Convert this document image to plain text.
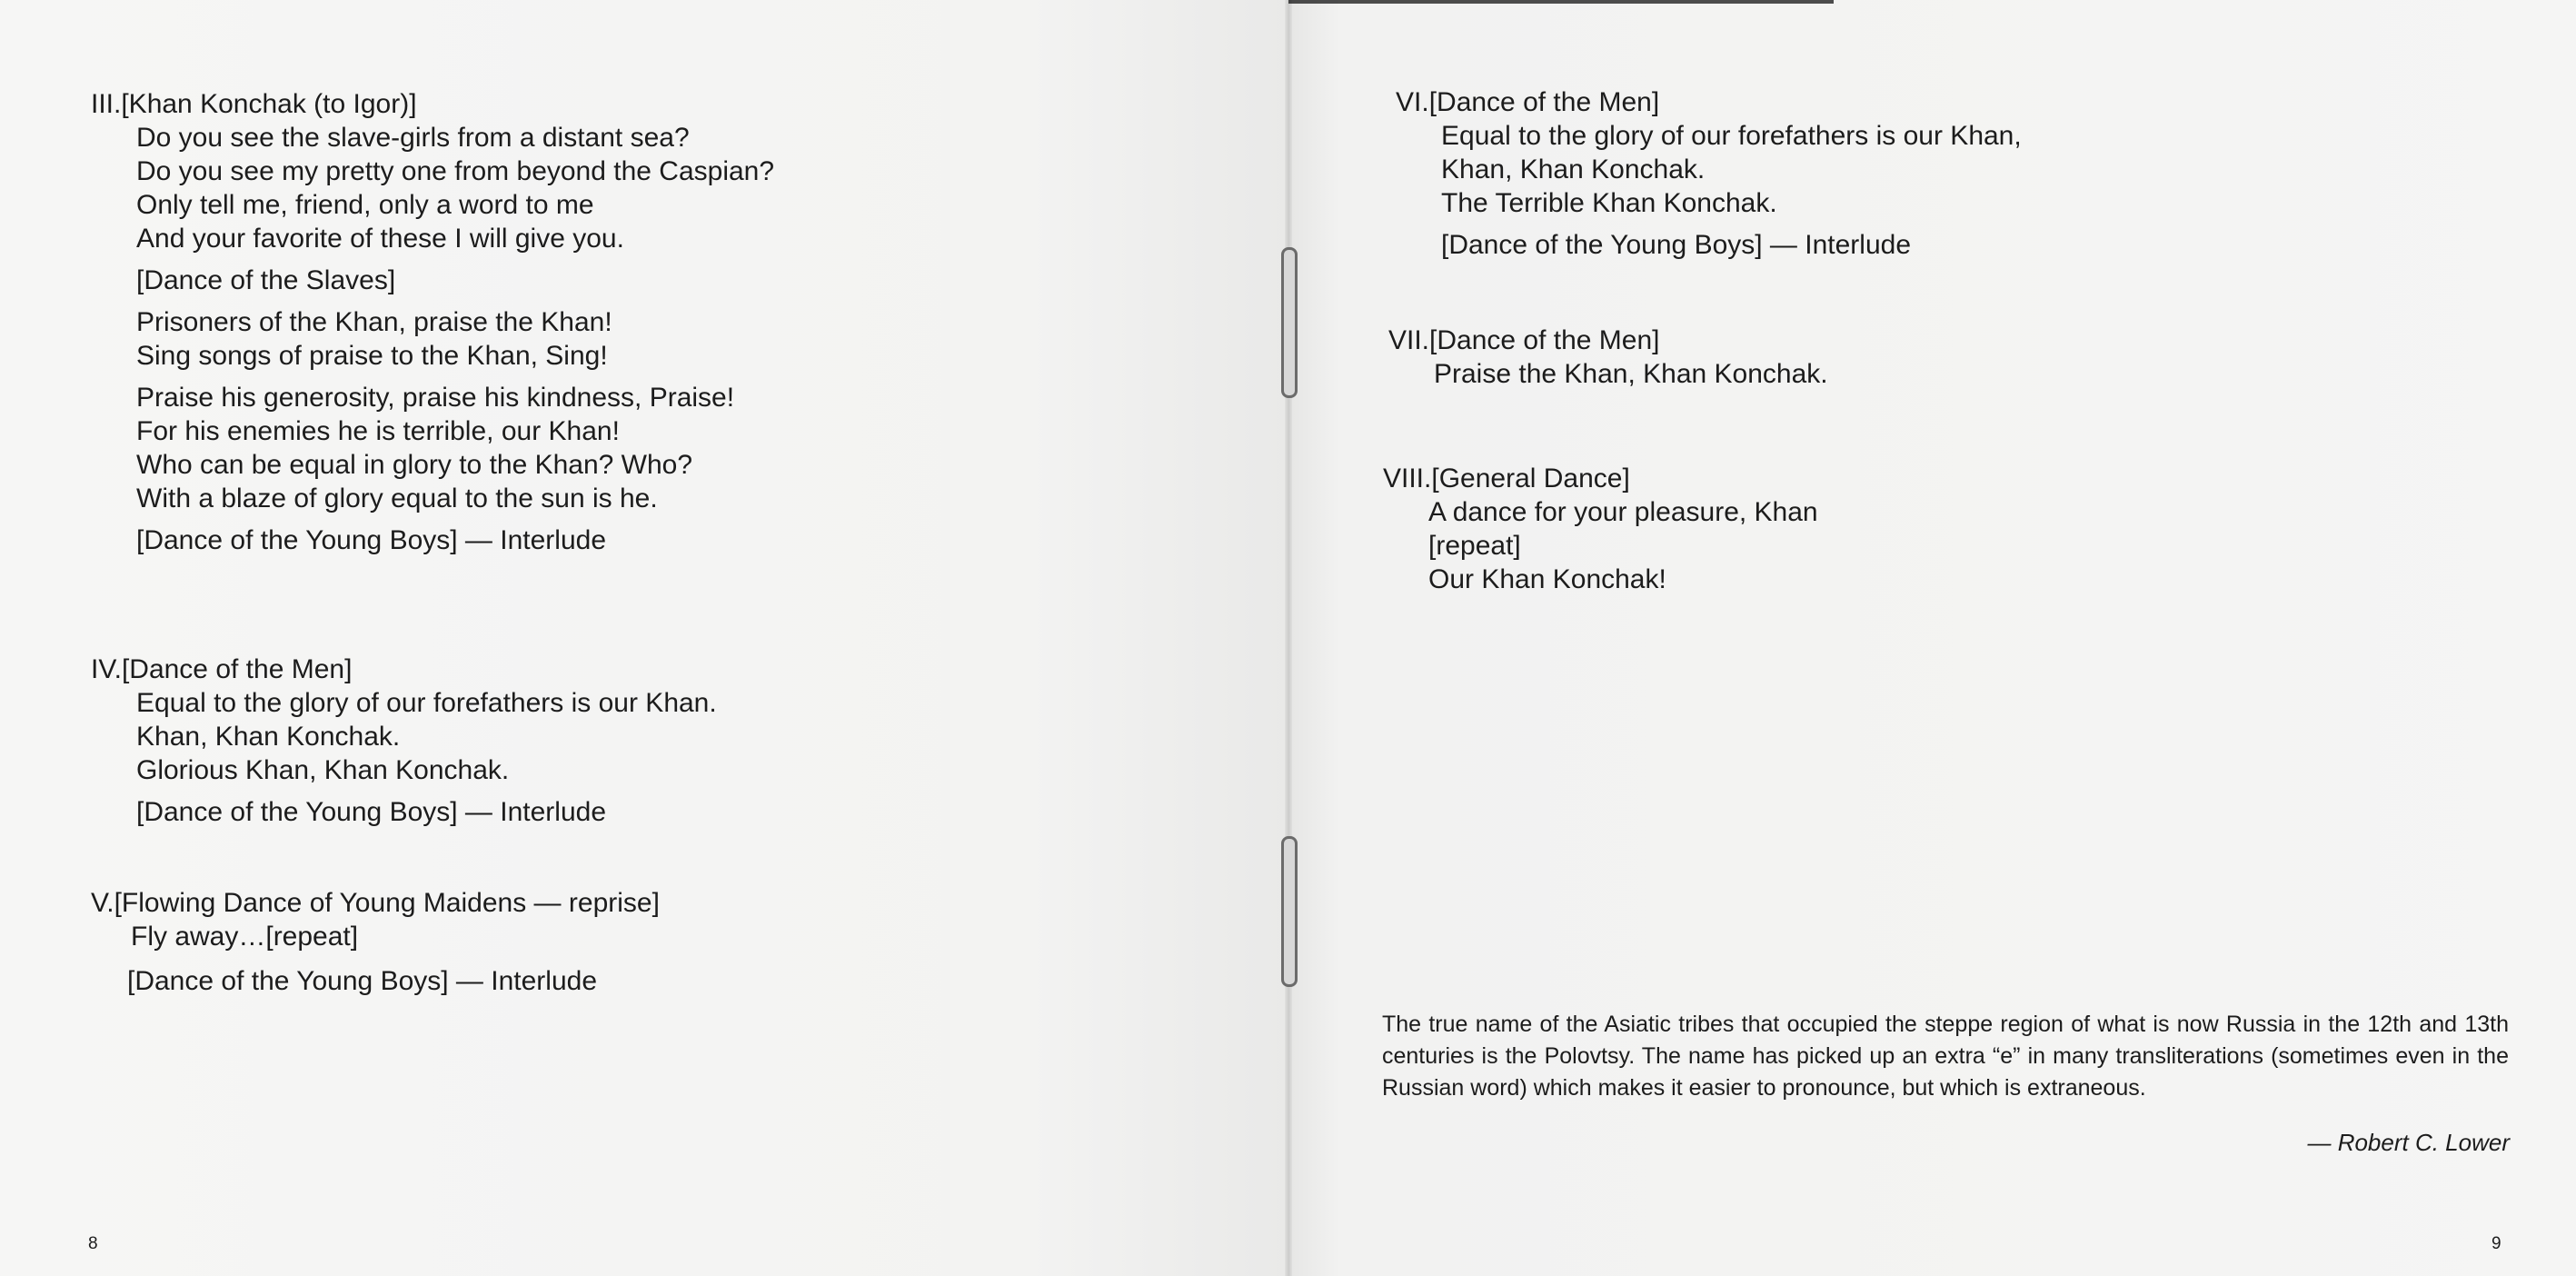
III.[Khan Konchak (to Igor)]
Do you see the slave-girls from a distant sea?
Do you see my pretty one from beyond the Caspian?
Only tell me, friend, only a word to me
And your favorite of these I will give you.
[Dance of the Slaves]
Prisoners of the Khan, praise the Khan!
Sing songs of praise to the Khan, Sing!
Praise his generosity, praise his kindness, Praise!
For his enemies he is terrible, our Khan!
Who can be equal in glory to the Khan? Who?
With a blaze of glory equal to the sun is he.
[Dance of the Young Boys] — Interlude
IV.[Dance of the Men]
Equal to the glory of our forefathers is our Khan.
Khan, Khan Konchak.
Glorious Khan, Khan Konchak.
[Dance of the Young Boys] — Interlude
V.[Flowing Dance of Young Maidens — reprise]
Fly away…[repeat]
[Dance of the Young Boys] — Interlude
VI.[Dance of the Men]
Equal to the glory of our forefathers is our Khan,
Khan, Khan Konchak.
The Terrible Khan Konchak.
[Dance of the Young Boys] — Interlude
VII.[Dance of the Men]
Praise the Khan, Khan Konchak.
VIII.[General Dance]
A dance for your pleasure, Khan
[repeat]
Our Khan Konchak!
The true name of the Asiatic tribes that occupied the steppe region of what is now Russia in the 12th and 13th centuries is the Polovtsy. The name has picked up an extra “e” in many transliterations (sometimes even in the Russian word) which makes it easier to pronounce, but which is extraneous.
— Robert C. Lower
8	9
